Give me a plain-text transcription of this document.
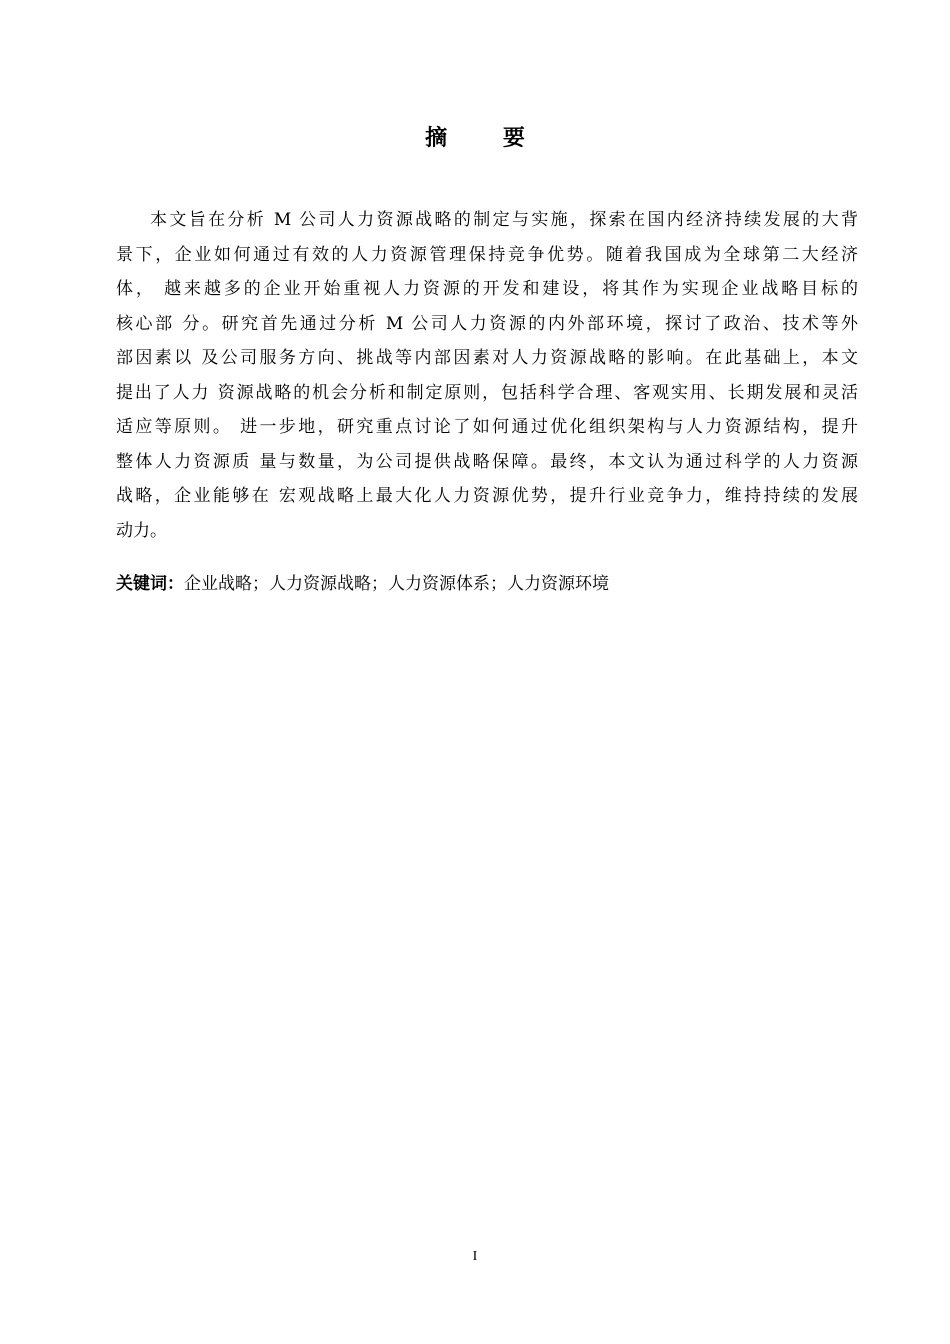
摘 要
本文旨在分析 M 公司人力资源战略的制定与实施，探索在国内经济持续发展的大背
景下，企业如何通过有效的人力资源管理保持竞争优势。随着我国成为全球第二大经济
体， 越来越多的企业开始重视人力资源的开发和建设，将其作为实现企业战略目标的
核心部 分。研究首先通过分析 M 公司人力资源的内外部环境，探讨了政治、技术等外
部因素以 及公司服务方向、挑战等内部因素对人力资源战略的影响。在此基础上，本文
提出了人力 资源战略的机会分析和制定原则，包括科学合理、客观实用、长期发展和灵活
适应等原则。 进一步地，研究重点讨论了如何通过优化组织架构与人力资源结构，提升
整体人力资源质 量与数量，为公司提供战略保障。最终，本文认为通过科学的人力资源
战略，企业能够在 宏观战略上最大化人力资源优势，提升行业竞争力，维持持续的发展
动力。
关键词：企业战略；人力资源战略；人力资源体系；人力资源环境
I
